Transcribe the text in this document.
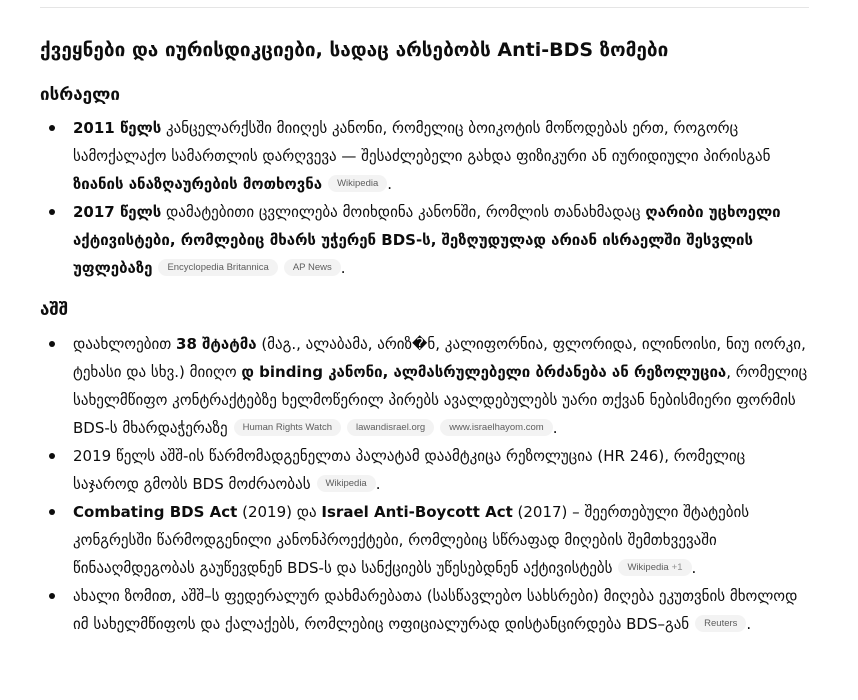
ქვეყნები და იურისდიკციები, სადაც არსებობს Anti-BDS ზომები
ისრაელი
2011 წელს კანცელარქსში მიიღეს კანონი, რომელიც ბოიკოტის მოწოდებას ერთ, როგორც სამოქალაქო სამართლის დარღვევა — შესაძლებელი გახდა ფიზიკური ან იურიდიული პირისგან ზიანის ანაზღაურების მოთხოვნა Wikipedia .
2017 წელს დამატებითი ცვლილება მოიხდინა კანონში, რომლის თანახმადაც ღარიბი უცხოელი აქტივისტები, რომლებიც მხარს უჭერენ BDS-ს, შეზღუდულად არიან ისრაელში შესვლის უფლებაზე Encyclopedia Britannica	AP News .
აშშ
დაახლოებით 38 შტატმა (მაგ., ალაბამა, არიზ�ნ, კალიფორნია, ფლორიდა, ილინოისი, ნიუ იორკი, ტეხასი და სხვ.) მიიღო დ binding კანონი, ალმასრულებელი ბრძანება ან რეზოლუცია, რომელიც სახელმწიფო კონტრაქტებზე ხელმოწერილ პირებს ავალდებულებს უარი თქვან ნებისმიერი ფორმის BDS-ს მხარდაჭერაზე Human Rights Watch	lawandisrael.org	www.israelhayom.com .
2019 წელს აშშ-ის წარმომადგენელთა პალატამ დაამტკიცა რეზოლუცია (HR 246), რომელიც საჯაროდ გმობს BDS მოძრაობას Wikipedia .
Combating BDS Act (2019) და Israel Anti-Boycott Act (2017) – შეერთებული შტატების კონგრესში წარმოდგენილი კანონპროექტები, რომლებიც სწრაფად მიღების შემთხვევაში წინააღმდეგობას გაუწევდნენ BDS-ს და სანქციებს უწესებდნენ აქტივისტებს Wikipedia +1 .
ახალი ზომით, აშშ–ს ფედერალურ დახმარებათა (სასწავლებო სახსრები) მიღება ეკუთვნის მხოლოდ იმ სახელმწიფოს და ქალაქებს, რომლებიც ოფიციალურად დისტანცირდება BDS–გან Reuters .
